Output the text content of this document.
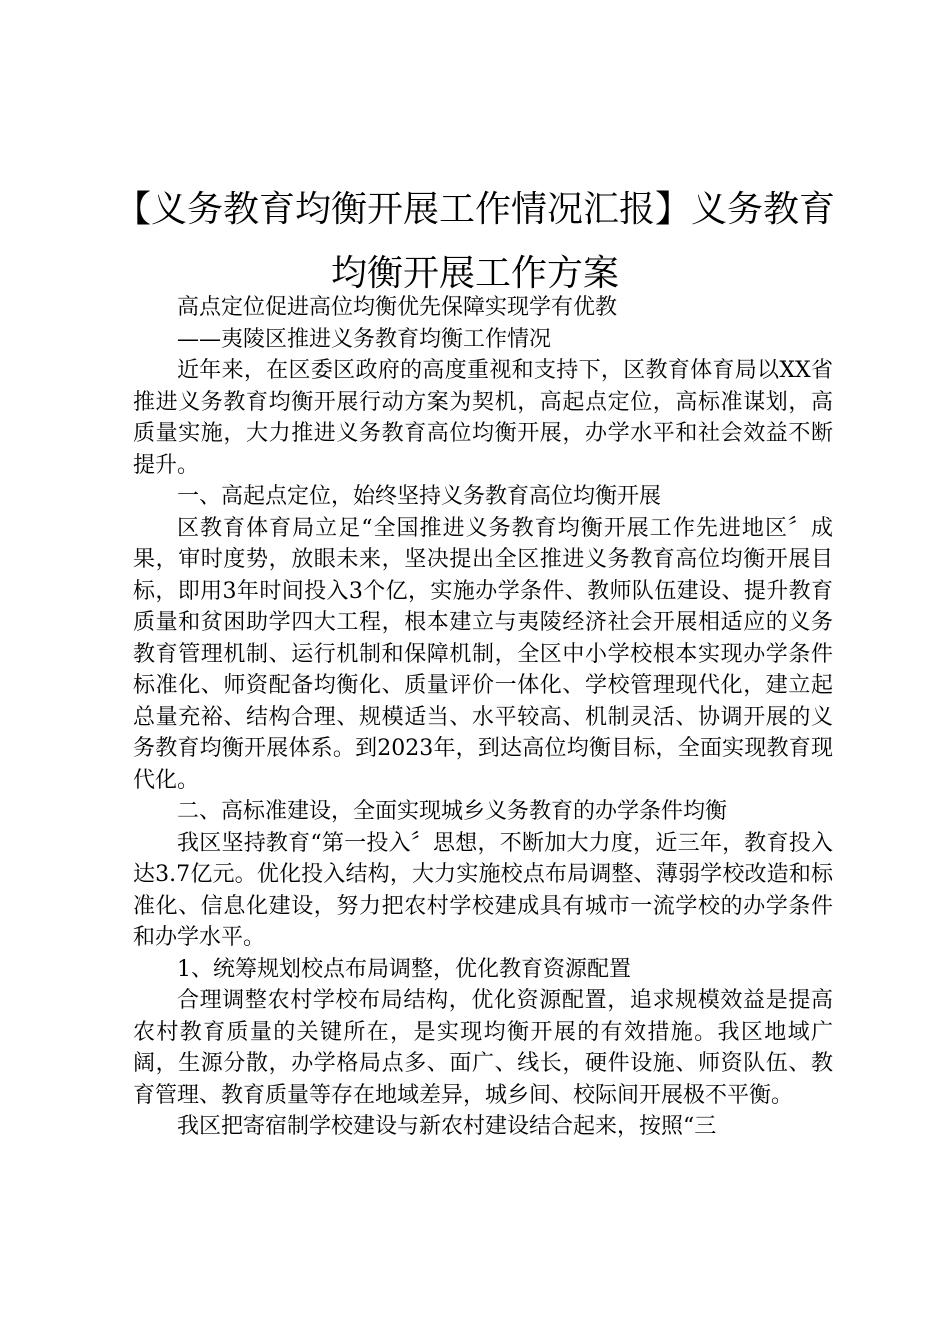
【义务教育均衡开展工作情况汇报】义务教育均衡开展工作方案

高点定位促进高位均衡优先保障实现学有优教

——夷陵区推进义务教育均衡工作情况

近年来，在区委区政府的高度重视和支持下，区教育体育局以XX省推进义务教育均衡开展行动方案为契机，高起点定位，高标准谋划，高质量实施，大力推进义务教育高位均衡开展，办学水平和社会效益不断提升。

一、高起点定位，始终坚持义务教育高位均衡开展

区教育体育局立足“全国推进义务教育均衡开展工作先进地区〞成果，审时度势，放眼未来，坚决提出全区推进义务教育高位均衡开展目标，即用3年时间投入3个亿，实施办学条件、教师队伍建设、提升教育质量和贫困助学四大工程，根本建立与夷陵经济社会开展相适应的义务教育管理机制、运行机制和保障机制，全区中小学校根本实现办学条件标准化、师资配备均衡化、质量评价一体化、学校管理现代化，建立起总量充裕、结构合理、规模适当、水平较高、机制灵活、协调开展的义务教育均衡开展体系。到2023年，到达高位均衡目标，全面实现教育现代化。

二、高标准建设，全面实现城乡义务教育的办学条件均衡

我区坚持教育“第一投入〞思想，不断加大力度，近三年，教育投入达3.7亿元。优化投入结构，大力实施校点布局调整、薄弱学校改造和标准化、信息化建设，努力把农村学校建成具有城市一流学校的办学条件和办学水平。

1、统筹规划校点布局调整，优化教育资源配置

合理调整农村学校布局结构，优化资源配置，追求规模效益是提高农村教育质量的关键所在，是实现均衡开展的有效措施。我区地域广阔，生源分散，办学格局点多、面广、线长，硬件设施、师资队伍、教育管理、教育质量等存在地域差异，城乡间、校际间开展极不平衡。

我区把寄宿制学校建设与新农村建设结合起来，按照“三
